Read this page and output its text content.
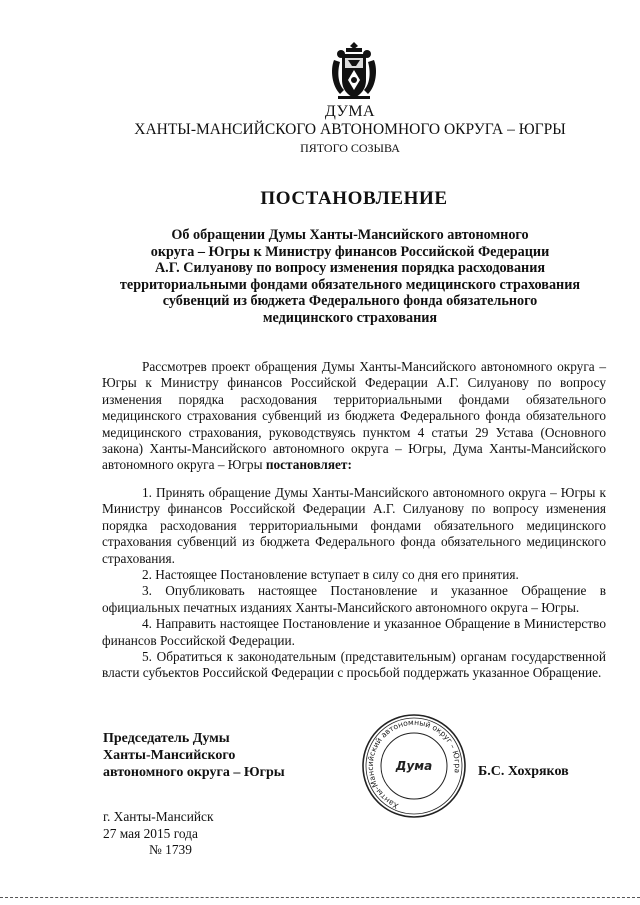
ДУМА
ХАНТЫ-МАНСИЙСКОГО АВТОНОМНОГО ОКРУГА – ЮГРЫ
ПЯТОГО СОЗЫВА
ПОСТАНОВЛЕНИЕ
Об обращении Думы Ханты-Мансийского автономного
округа – Югры к Министру финансов Российской Федерации
А.Г. Силуанову по вопросу изменения порядка расходования
территориальными фондами обязательного медицинского страхования
субвенций из бюджета Федерального фонда обязательного
медицинского страхования
Рассмотрев проект обращения Думы Ханты-Мансийского автономного округа – Югры к Министру финансов Российской Федерации А.Г. Силуанову по вопросу изменения порядка расходования территориальными фондами обязательного медицинского страхования субвенций из бюджета Федерального фонда обязательного медицинского страхования, руководствуясь пунктом 4 статьи 29 Устава (Основного закона) Ханты-Мансийского автономного округа – Югры, Дума Ханты-Мансийского автономного округа – Югры постановляет:

1. Принять обращение Думы Ханты-Мансийского автономного округа – Югры к Министру финансов Российской Федерации А.Г. Силуанову по вопросу изменения порядка расходования территориальными фондами обязательного медицинского страхования субвенций из бюджета Федерального фонда обязательного медицинского страхования.

2. Настоящее Постановление вступает в силу со дня его принятия.

3. Опубликовать настоящее Постановление и указанное Обращение в официальных печатных изданиях Ханты-Мансийского автономного округа – Югры.

4. Направить настоящее Постановление и указанное Обращение в Министерство финансов Российской Федерации.

5. Обратиться к законодательным (представительным) органам государственной власти субъектов Российской Федерации с просьбой поддержать указанное Обращение.

Председатель Думы
Ханты-Мансийского
автономного округа – Югры
Ханты-Мансийский автономный округ – Югра
Дума	Б.С. Хохряков
г. Ханты-Мансийск
27 мая 2015 года
№ 1739
